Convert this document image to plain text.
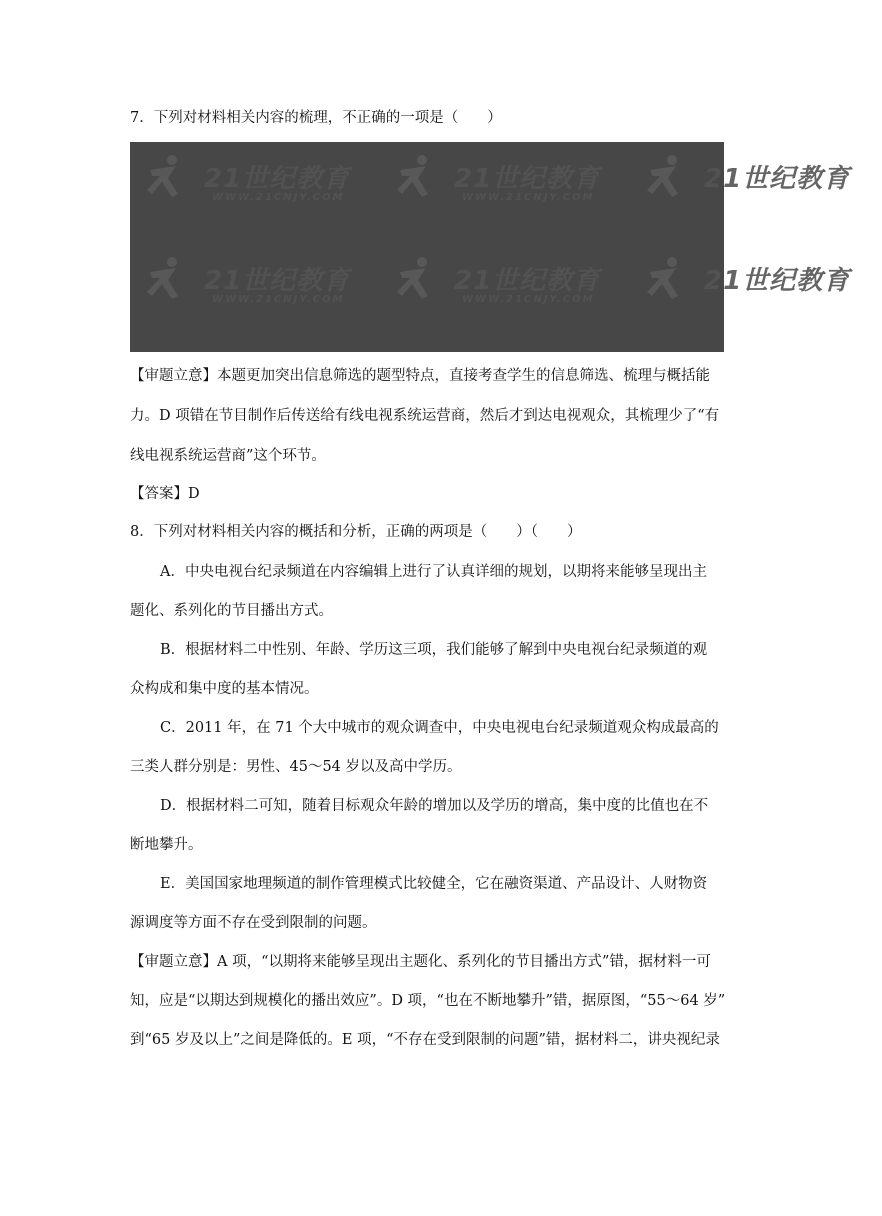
7．下列对材料相关内容的梳理，不正确的一项是（　　）
21世纪教育
WWW.21CNJY.COM
21世纪教育
WWW.21CNJY.COM
21世纪教育
21世纪教育
WWW.21CNJY.COM
21世纪教育
WWW.21CNJY.COM
21世纪教育
【审题立意】本题更加突出信息筛选的题型特点，直接考查学生的信息筛选、梳理与概括能
力。D 项错在节目制作后传送给有线电视系统运营商，然后才到达电视观众，其梳理少了“有
线电视系统运营商”这个环节。
【答案】D
8．下列对材料相关内容的概括和分析，正确的两项是（　　）（　　）
A．中央电视台纪录频道在内容编辑上进行了认真详细的规划，以期将来能够呈现出主
题化、系列化的节目播出方式。
B．根据材料二中性别、年龄、学历这三项，我们能够了解到中央电视台纪录频道的观
众构成和集中度的基本情况。
C．2011 年，在 71 个大中城市的观众调查中，中央电视电台纪录频道观众构成最高的
三类人群分别是：男性、45～54 岁以及高中学历。
D．根据材料二可知，随着目标观众年龄的增加以及学历的增高，集中度的比值也在不
断地攀升。
E．美国国家地理频道的制作管理模式比较健全，它在融资渠道、产品设计、人财物资
源调度等方面不存在受到限制的问题。
【审题立意】A 项，“以期将来能够呈现出主题化、系列化的节目播出方式”错，据材料一可
知，应是“以期达到规模化的播出效应”。D 项，“也在不断地攀升”错，据原图，“55～64 岁”
到“65 岁及以上”之间是降低的。E 项，“不存在受到限制的问题”错，据材料二，讲央视纪录
